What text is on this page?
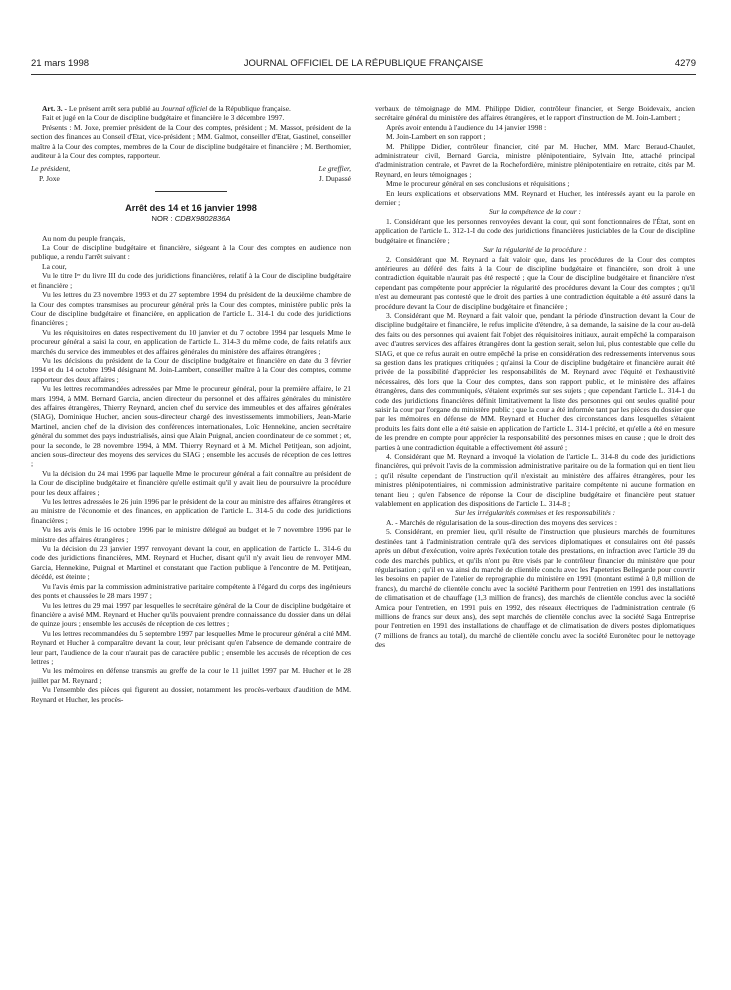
21 mars 1998	JOURNAL OFFICIEL DE LA RÉPUBLIQUE FRANÇAISE	4279

Art. 3. - Le présent arrêt sera publié au Journal officiel de la République française.

Fait et jugé en la Cour de discipline budgétaire et financière le 3 décembre 1997.

Présents : M. Joxe, premier président de la Cour des comptes, président ; M. Massot, président de la section des finances au Conseil d'Etat, vice-président ; MM. Galmot, conseiller d'Etat, Gastinel, conseiller maître à la Cour des comptes, membres de la Cour de discipline budgétaire et financière ; M. Berthomier, auditeur à la Cour des comptes, rapporteur.

Le président,
P. Joxe
Le greffier,
J. Dupassé
Arrêt des 14 et 16 janvier 1998
NOR : CDBX9802836A

Au nom du peuple français,

La Cour de discipline budgétaire et financière, siégeant à la Cour des comptes en audience non publique, a rendu l'arrêt suivant :

La cour,

Vu le titre Iᵉʳ du livre III du code des juridictions financières, relatif à la Cour de discipline budgétaire et financière ;

Vu les lettres du 23 novembre 1993 et du 27 septembre 1994 du président de la deuxième chambre de la Cour des comptes transmises au procureur général près la Cour des comptes, ministère public près la Cour de discipline budgétaire et financière, en application de l'article L. 314-1 du code des juridictions financières ;

Vu les réquisitoires en dates respectivement du 10 janvier et du 7 octobre 1994 par lesquels Mme le procureur général a saisi la cour, en application de l'article L. 314-3 du même code, de faits relatifs aux marchés du service des immeubles et des affaires générales du ministère des affaires étrangères ;

Vu les décisions du président de la Cour de discipline budgétaire et financière en date du 3 février 1994 et du 14 octobre 1994 désignant M. Join-Lambert, conseiller maître à la Cour des comptes, comme rapporteur des deux affaires ;

Vu les lettres recommandées adressées par Mme le procureur général, pour la première affaire, le 21 mars 1994, à MM. Bernard Garcia, ancien directeur du personnel et des affaires générales du ministère des affaires étrangères, Thierry Reynard, ancien chef du service des immeubles et des affaires générales (SIAG), Dominique Hucher, ancien sous-directeur chargé des investissements immobiliers, Jean-Marie Martinel, ancien chef de la division des conférences internationales, Loïc Hennekine, ancien secrétaire général du sommet des pays industrialisés, ainsi que Alain Puignal, ancien coordinateur de ce sommet ; et, pour la seconde, le 28 novembre 1994, à MM. Thierry Reynard et à M. Michel Petitjean, son adjoint, ancien sous-directeur des moyens des services du SIAG ; ensemble les accusés de réception de ces lettres ;

Vu la décision du 24 mai 1996 par laquelle Mme le procureur général a fait connaître au président de la Cour de discipline budgétaire et financière qu'elle estimait qu'il y avait lieu de poursuivre la procédure pour les deux affaires ;

Vu les lettres adressées le 26 juin 1996 par le président de la cour au ministre des affaires étrangères et au ministre de l'économie et des finances, en application de l'article L. 314-5 du code des juridictions financières ;

Vu les avis émis le 16 octobre 1996 par le ministre délégué au budget et le 7 novembre 1996 par le ministre des affaires étrangères ;

Vu la décision du 23 janvier 1997 renvoyant devant la cour, en application de l'article L. 314-6 du code des juridictions financières, MM. Reynard et Hucher, disant qu'il n'y avait lieu de renvoyer MM. Garcia, Hennekine, Puignal et Martinel et constatant que l'action publique à l'encontre de M. Petitjean, décédé, est éteinte ;

Vu l'avis émis par la commission administrative paritaire compétente à l'égard du corps des ingénieurs des ponts et chaussées le 28 mars 1997 ;

Vu les lettres du 29 mai 1997 par lesquelles le secrétaire général de la Cour de discipline budgétaire et financière a avisé MM. Reynard et Hucher qu'ils pouvaient prendre connaissance du dossier dans un délai de quinze jours ; ensemble les accusés de réception de ces lettres ;

Vu les lettres recommandées du 5 septembre 1997 par lesquelles Mme le procureur général a cité MM. Reynard et Hucher à comparaître devant la cour, leur précisant qu'en l'absence de demande contraire de leur part, l'audience de la cour n'aurait pas de caractère public ; ensemble les accusés de réception de ces lettres ;

Vu les mémoires en défense transmis au greffe de la cour le 11 juillet 1997 par M. Hucher et le 28 juillet par M. Reynard ;

Vu l'ensemble des pièces qui figurent au dossier, notamment les procès-verbaux d'audition de MM. Reynard et Hucher, les procès-

verbaux de témoignage de MM. Philippe Didier, contrôleur financier, et Serge Boidevaix, ancien secrétaire général du ministère des affaires étrangères, et le rapport d'instruction de M. Join-Lambert ;

Après avoir entendu à l'audience du 14 janvier 1998 :

M. Join-Lambert en son rapport ;

M. Philippe Didier, contrôleur financier, cité par M. Hucher, MM. Marc Beraud-Chaulet, administrateur civil, Bernard Garcia, ministre plénipotentiaire, Sylvain Itte, attaché principal d'administration centrale, et Pavret de la Rochefordière, ministre plénipotentiaire en retraite, cités par M. Reynard, en leurs témoignages ;

Mme le procureur général en ses conclusions et réquisitions ;

En leurs explications et observations MM. Reynard et Hucher, les intéressés ayant eu la parole en dernier ;

Sur la compétence de la cour :

1. Considérant que les personnes renvoyées devant la cour, qui sont fonctionnaires de l'État, sont en application de l'article L. 312-1-I du code des juridictions financières justiciables de la Cour de discipline budgétaire et financière ;

Sur la régularité de la procédure :

2. Considérant que M. Reynard a fait valoir que, dans les procédures de la Cour des comptes antérieures au déféré des faits à la Cour de discipline budgétaire et financière, son droit à une contradiction équitable n'aurait pas été respecté ; que la Cour de discipline budgétaire et financière n'est cependant pas compétente pour apprécier la régularité des procédures devant la Cour des comptes ; qu'il n'est au demeurant pas contesté que le droit des parties à une contradiction équitable a été assuré dans la procédure devant la Cour de discipline budgétaire et financière ;

3. Considérant que M. Reynard a fait valoir que, pendant la période d'instruction devant la Cour de discipline budgétaire et financière, le refus implicite d'étendre, à sa demande, la saisine de la cour au-delà des faits ou des personnes qui avaient fait l'objet des réquisitoires initiaux, aurait empêché la comparaison avec d'autres services des affaires étrangères dont la gestion serait, selon lui, plus contestable que celle du SIAG, et que ce refus aurait en outre empêché la prise en considération des redressements intervenus sous sa gestion dans les pratiques critiquées ; qu'ainsi la Cour de discipline budgétaire et financière aurait été privée de la possibilité d'apprécier les responsabilités de M. Reynard avec l'équité et l'exhaustivité nécessaires, dès lors que la Cour des comptes, dans son rapport public, et le ministère des affaires étrangères, dans des communiqués, s'étaient exprimés sur ses sujets ; que cependant l'article L. 314-1 du code des juridictions financières définit limitativement la liste des personnes qui ont seules qualité pour saisir la cour par l'organe du ministère public ; que la cour a été informée tant par les pièces du dossier que par les mémoires en défense de MM. Reynard et Hucher des circonstances dans lesquelles s'étaient produits les faits dont elle a été saisie en application de l'article L. 314-1 précité, et qu'elle a été en mesure de les prendre en compte pour apprécier la responsabilité des personnes mises en cause ; que le droit des parties à une contradiction équitable a effectivement été assuré ;

4. Considérant que M. Reynard a invoqué la violation de l'article L. 314-8 du code des juridictions financières, qui prévoit l'avis de la commission administrative paritaire ou de la formation qui en tient lieu ; qu'il résulte cependant de l'instruction qu'il n'existait au ministère des affaires étrangères, pour les ministres plénipotentiaires, ni commission administrative paritaire compétente ni aucune formation en tenant lieu ; qu'en l'absence de réponse la Cour de discipline budgétaire et financière peut statuer valablement en application des dispositions de l'article L. 314-8 ;

Sur les irrégularités commises et les responsabilités :

A. - Marchés de régularisation de la sous-direction des moyens des services :

5. Considérant, en premier lieu, qu'il résulte de l'instruction que plusieurs marchés de fournitures destinées tant à l'administration centrale qu'à des services diplomatiques et consulaires ont été passés après un début d'exécution, voire après l'exécution totale des prestations, en infraction avec l'article 39 du code des marchés publics, et qu'ils n'ont pu être visés par le contrôleur financier du ministère que pour régularisation ; qu'il en va ainsi du marché de clientèle conclu avec les Papeteries Bellegarde pour couvrir les besoins en papier de l'atelier de reprographie du ministère en 1991 (montant estimé à 0,8 million de francs), du marché de clientèle conclu avec la société Paritherm pour l'entretien en 1991 des installations de climatisation et de chauffage (1,3 million de francs), des marchés de clientèle conclus avec la société Amica pour l'entretien, en 1991 puis en 1992, des réseaux électriques de l'administration centrale (6 millions de francs sur deux ans), des sept marchés de clientèle conclus avec la société Saga Entreprise pour l'entretien en 1991 des installations de chauffage et de climatisation de divers postes diplomatiques (7 millions de francs au total), du marché de clientèle conclu avec la société Euronétec pour le nettoyage des
